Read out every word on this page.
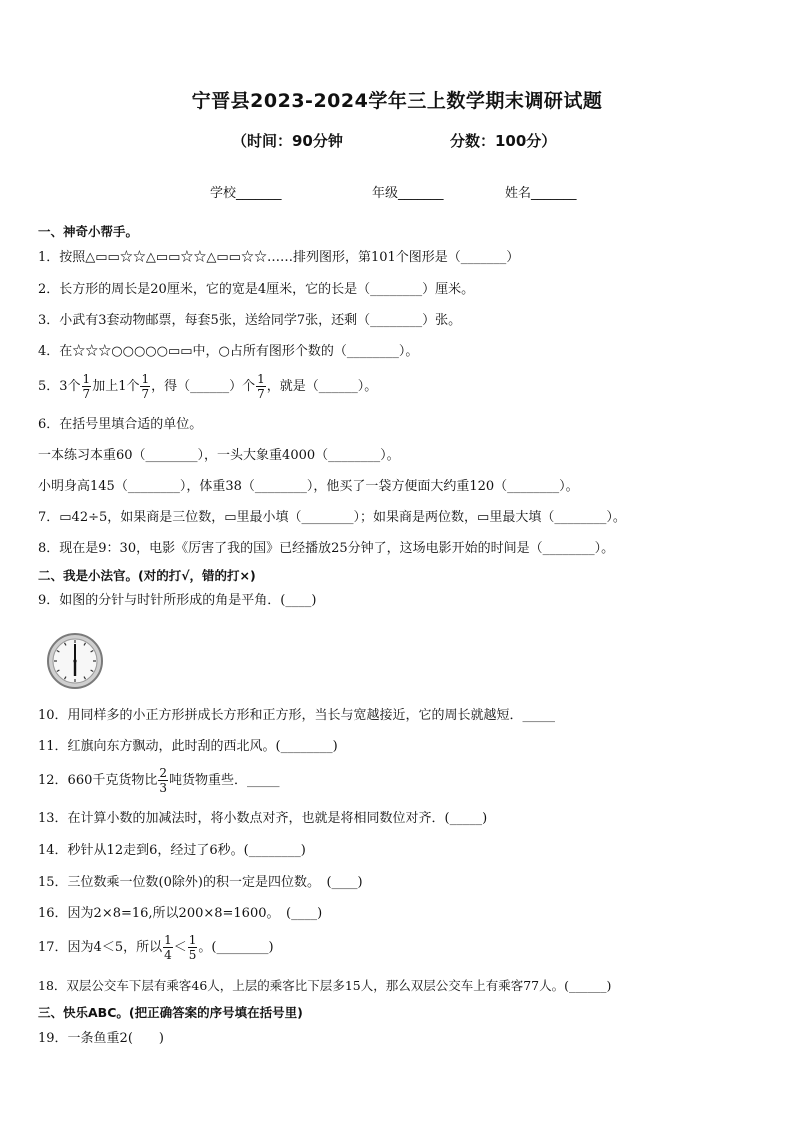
宁晋县2023-2024学年三上数学期末调研试题
（时间：90分钟	分数：100分）
学校_______	年级_______	姓名_______
一、神奇小帮手。
1．按照△▭▭☆☆△▭▭☆☆△▭▭☆☆……排列图形，第101个图形是（_______）
2．长方形的周长是20厘米，它的宽是4厘米，它的长是（________）厘米。
3．小武有3套动物邮票，每套5张，送给同学7张，还剩（________）张。
4．在☆☆☆○○○○○▭▭中，○占所有图形个数的（________）。
5．3个 $\frac{1}{7}$ 加上1个 $\frac{1}{7}$ ，得（______）个 $\frac{1}{7}$ ，就是（______）。
6．在括号里填合适的单位。
一本练习本重60（________），一头大象重4000（________）。
小明身高145（________），体重38（________），他买了一袋方便面大约重120（________）。
7．▭42÷5，如果商是三位数，▭里最小填（________）；如果商是两位数，▭里最大填（________）。
8．现在是9：30，电影《厉害了我的国》已经播放25分钟了，这场电影开始的时间是（________）。
二、我是小法官。(对的打√，错的打×)
9．如图的分针与时针所形成的角是平角．(____)
10．用同样多的小正方形拼成长方形和正方形，当长与宽越接近，它的周长就越短．_____
11．红旗向东方飘动，此时刮的西北风。(________)
12．660千克货物比 $\frac{2}{3}$ 吨货物重些．_____
13．在计算小数的加减法时，将小数点对齐，也就是将相同数位对齐．(_____)
14．秒针从12走到6，经过了6秒。(________)
15．三位数乘一位数(0除外)的积一定是四位数。　(____)
16．因为2×8=16,所以200×8=1600。　(____)
17．因为4＜5，所以 $\frac{1}{4} < \frac{1}{5}$ 。(________)
18．双层公交车下层有乘客46人，上层的乘客比下层多15人，那么双层公交车上有乘客77人。(______)
三、快乐ABC。(把正确答案的序号填在括号里)
19．一条鱼重2(　　)
